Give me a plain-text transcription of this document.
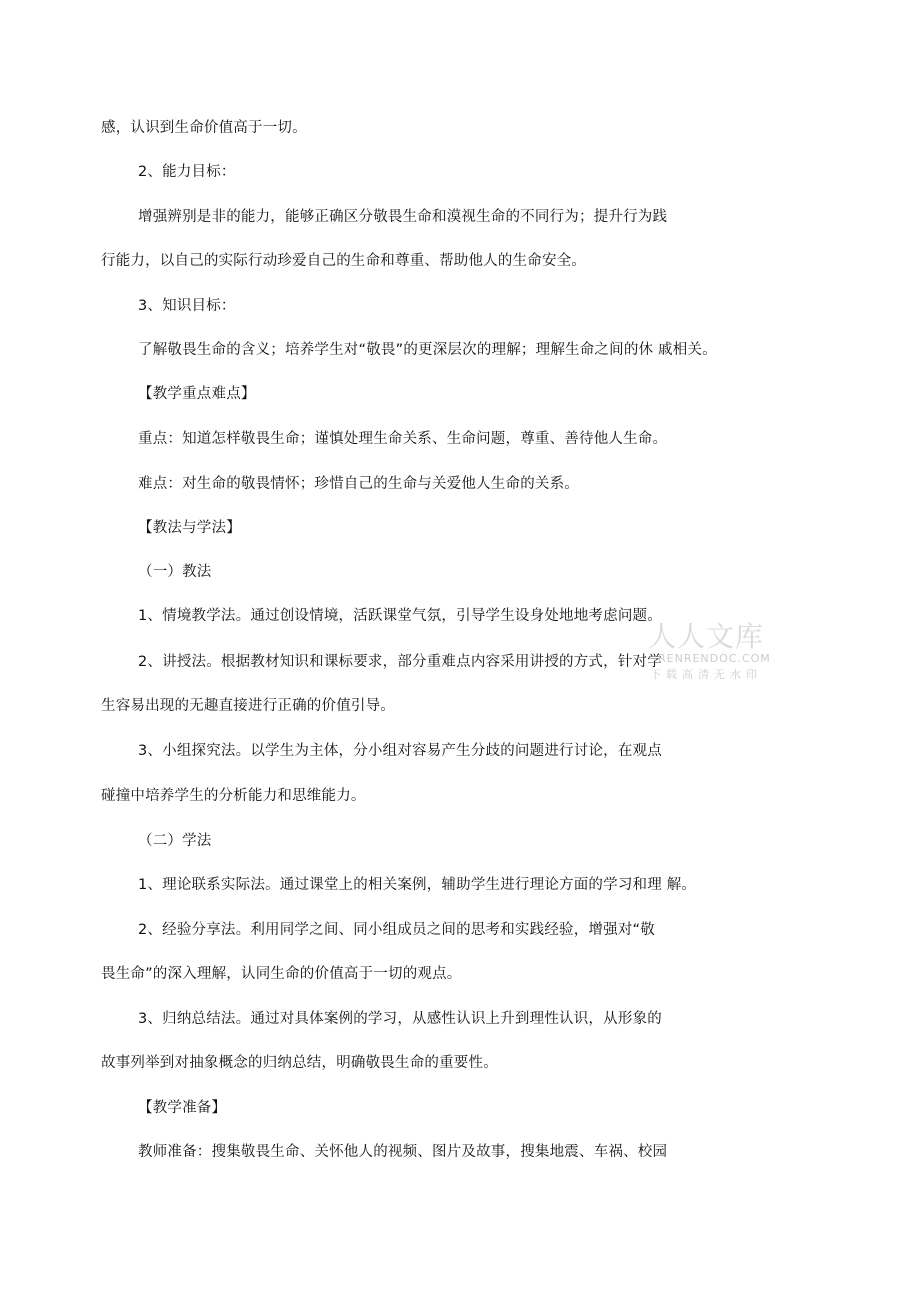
感，认识到生命价值高于一切。
2、能力目标：
增强辨别是非的能力，能够正确区分敬畏生命和漠视生命的不同行为；提升行为践
行能力，以自己的实际行动珍爱自己的生命和尊重、帮助他人的生命安全。
3、知识目标：
了解敬畏生命的含义；培养学生对“敬畏”的更深层次的理解；理解生命之间的休 戚相关。
【教学重点难点】
重点：知道怎样敬畏生命；谨慎处理生命关系、生命问题，尊重、善待他人生命。
难点：对生命的敬畏情怀；珍惜自己的生命与关爱他人生命的关系。
【教法与学法】
（一）教法
1、情境教学法。通过创设情境，活跃课堂气氛，引导学生设身处地地考虑问题。
2、讲授法。根据教材知识和课标要求，部分重难点内容采用讲授的方式，针对学
生容易出现的无趣直接进行正确的价值引导。
3、小组探究法。以学生为主体，分小组对容易产生分歧的问题进行讨论，在观点
碰撞中培养学生的分析能力和思维能力。
（二）学法
1、理论联系实际法。通过课堂上的相关案例，辅助学生进行理论方面的学习和理 解。
2、经验分享法。利用同学之间、同小组成员之间的思考和实践经验，增强对“敬
畏生命”的深入理解，认同生命的价值高于一切的观点。
3、归纳总结法。通过对具体案例的学习，从感性认识上升到理性认识，从形象的
故事列举到对抽象概念的归纳总结，明确敬畏生命的重要性。
【教学准备】
教师准备：搜集敬畏生命、关怀他人的视频、图片及故事，搜集地震、车祸、校园
人人文库
RENRENDOC.COM
下载高清无水印
